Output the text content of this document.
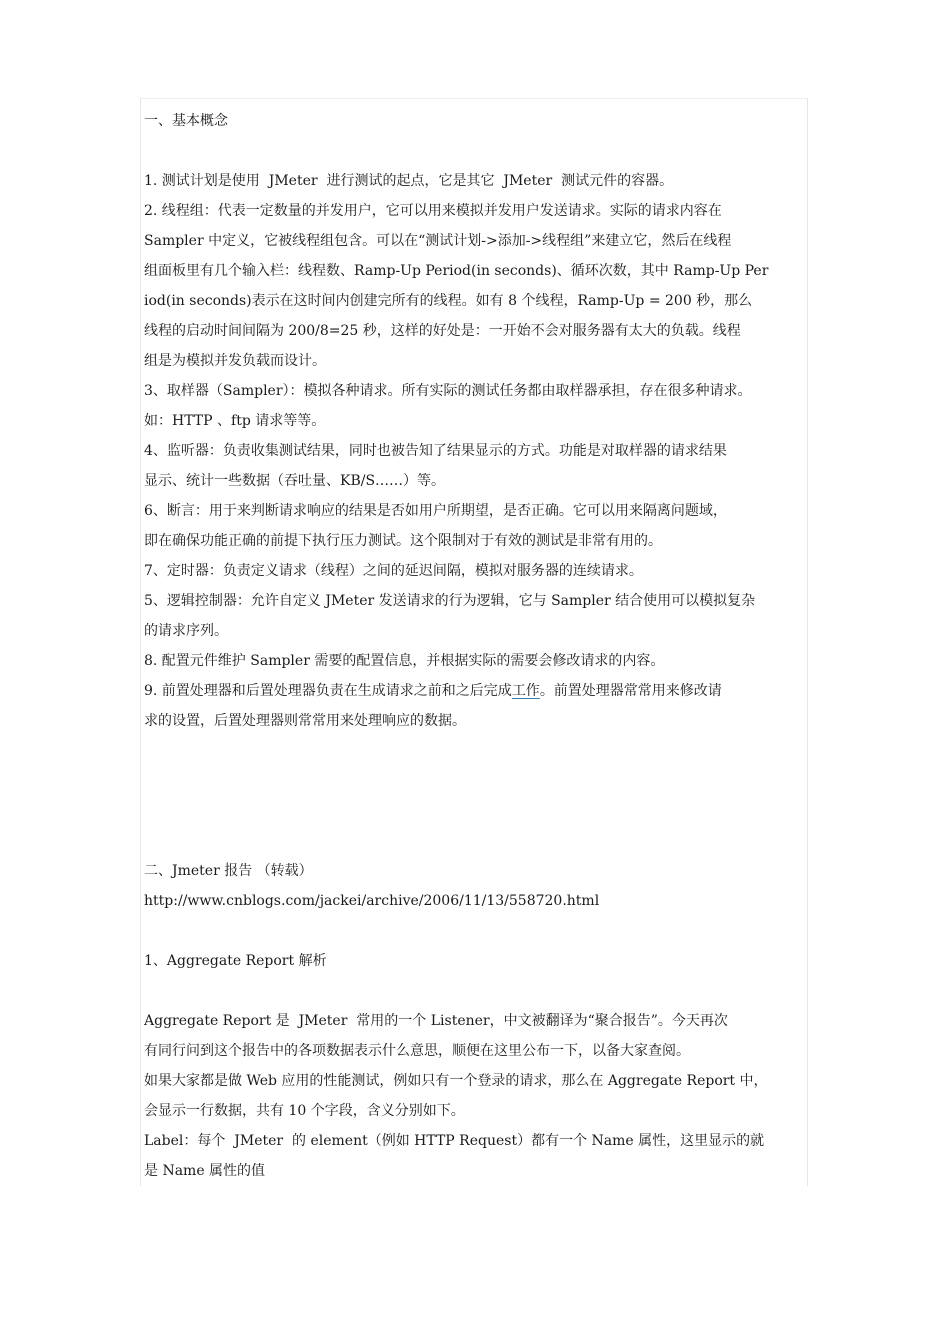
一、基本概念
1. 测试计划是使用  JMeter  进行测试的起点，它是其它  JMeter  测试元件的容器。
2. 线程组：代表一定数量的并发用户，它可以用来模拟并发用户发送请求。实际的请求内容在
Sampler 中定义，它被线程组包含。可以在“测试计划->添加->线程组”来建立它，然后在线程
组面板里有几个输入栏：线程数、Ramp-Up Period(in seconds)、循环次数，其中 Ramp-Up Per
iod(in seconds)表示在这时间内创建完所有的线程。如有 8 个线程，Ramp-Up = 200 秒，那么
线程的启动时间间隔为 200/8=25 秒，这样的好处是：一开始不会对服务器有太大的负载。线程
组是为模拟并发负载而设计。
3、取样器（Sampler）：模拟各种请求。所有实际的测试任务都由取样器承担，存在很多种请求。
如：HTTP 、ftp 请求等等。
4、监听器：负责收集测试结果，同时也被告知了结果显示的方式。功能是对取样器的请求结果
显示、统计一些数据（吞吐量、KB/S……）等。
6、断言：用于来判断请求响应的结果是否如用户所期望，是否正确。它可以用来隔离问题域，
即在确保功能正确的前提下执行压力测试。这个限制对于有效的测试是非常有用的。
7、定时器：负责定义请求（线程）之间的延迟间隔，模拟对服务器的连续请求。
5、逻辑控制器：允许自定义 JMeter 发送请求的行为逻辑，它与 Sampler 结合使用可以模拟复杂
的请求序列。
8. 配置元件维护 Sampler 需要的配置信息，并根据实际的需要会修改请求的内容。
9. 前置处理器和后置处理器负责在生成请求之前和之后完成工作。前置处理器常常用来修改请
求的设置，后置处理器则常常用来处理响应的数据。
二、Jmeter 报告 （转载）
http://www.cnblogs.com/jackei/archive/2006/11/13/558720.html
1、Aggregate Report 解析
Aggregate Report 是  JMeter  常用的一个 Listener，中文被翻译为“聚合报告”。今天再次
有同行问到这个报告中的各项数据表示什么意思，顺便在这里公布一下，以备大家查阅。
如果大家都是做 Web 应用的性能测试，例如只有一个登录的请求，那么在 Aggregate Report 中，
会显示一行数据，共有 10 个字段，含义分别如下。
Label：每个  JMeter  的 element（例如 HTTP Request）都有一个 Name 属性，这里显示的就
是 Name 属性的值
